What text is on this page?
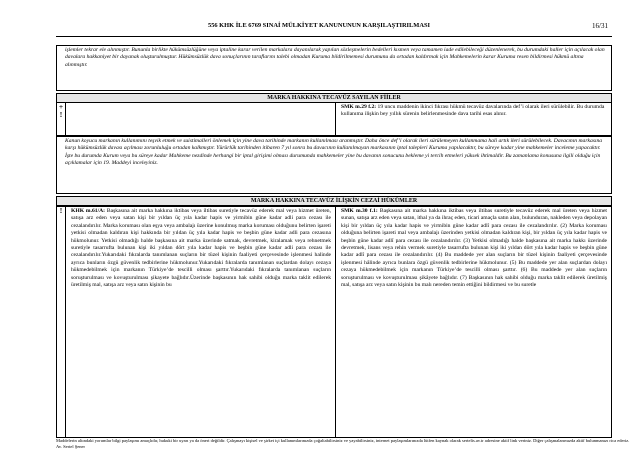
556 KHK İLE 6769 SINAİ MÜLKİYET KANUNUNUN KARŞILAŞTIRILMASI	16/31
işlemler tekrar ele alınmıştır. Bununla birlikte hükümsüzlüğüne veya iptaline karar verilen markalara dayanılarak yapılan sözleşmelerin bedelleri kısmen veya tamamen iade edilebileceği düzenlenerek, bu durumdaki haller için açılacak olan davalara hakkaniyet bir dayanak oluşturulmuştur. Hükümsüzlük dava sonuçlarının taraflarını talebi olmadan Kuruma bildirilmemesi durumunu da ortadan kaldırmak için Mahkemelerin karar Kuruma resen bildirmesi hükmü altına alınmıştır.
MARKA HAKKINA TECAVÜZ SAYILAN FİİLER
+
!

SMK m.29 f.2: 19 uncu maddenin ikinci fıkrası hükmü tecavüz davalarında def’i olarak ileri sürülebilir. Bu durumda kullanıma ilişkin bey yıllık sürenin belirlenmesinde dava tarihi esas alınır.

Kanun koyucu markanın kullanımını teşvik etmek ve suistimalleri önlemek için yine dava tarihinde markanın kullanılması aranmıştır. Daha önce def’i olarak ileri sürülemeyen kullanmama hali artık ileri sürülebilecek. Davacının markasına karşı hükümsüzlük davası açılması zorunluluğu ortadan kalkmıştır. Yürürlük tarihinden itibaren 7 yıl sonra bu davacının kullanılmayan markasının iptal talepleri Kuruma yapılacaktır, bu süreye kadar yine mahkemeler inceleme yapacaktır. İşte bu durumda Kurum veya bu süreye kadar Mahkeme nezdinde herhangi bir iptal girişimi olması durumunda mahkemeler yine bu davanın sonucunu bekleme yi tercih etmeleri yüksek ihtimaldir. Bu zamanlama konusuna ilgili olduğu için açıklamalar için 19. Maddeyi inceleyiniz.
MARKA HAKKINA TECAVÜZ İLİŞKİN CEZAİ HÜKÜMLER
!	KHK m.61/A: Başkasına ait marka hakkına iktibas veya iltibas suretiyle tecavüz ederek mal veya hizmet üreten, satışa arz eden veya satan kişi bir yıldan üç yıla kadar hapis ve yirmibin güne kadar adli para cezası ile cezalandırılır. Marka koruması olan eşya veya ambalajı üzerine konulmuş marka koruması olduğunu belirten işareti yetkisi olmadan kaldıran kişi hakkında bir yıldan üç yıla kadar hapis ve beşbin güne kadar adli para cezasına hükmolunur. Yetkisi olmadığı halde başkasına ait marka üzerinde satmak, devretmek, kiralamak veya rehnetmek suretiyle tasarrufta bulunan kişi iki yıldan dört yıla kadar hapis ve beşbin güne kadar adli para cezası ile cezalandırılır.Yukarıdaki fıkralarda tanımlanan suçların bir tüzel kişinin faaliyeti çerçevesinde işlenmesi halinde ayrıca bunların özgü güvenlik tedbirlerine hükmolunur.Yukarıdaki fıkralarda tanımlanan suçlardan dolayı cezaya hükmedebilmek için markanın Türkiye’de tescilli olması şarttır.Yukarıdaki fıkralarda tanımlanan suçların soruşturulması ve kovuşturulması şikayete bağlıdır.Üzerinde başkasının hak sahibi olduğu marka taklit edilerek üretilmiş mal, satışa arz veya satın kişinin bu

SMK m.30 f.1: Başkasına ait marka hakkına iktibas veya iltibas suretiyle tecavüz ederek mal üreten veya hizmet sunan, satışa arz eden veya satan, ithal ya da ihraç eden, ticari amaçla satın alan, bulunduran, nakleden veya depolayan kişi bir yıldan üç yıla kadar hapis ve yirmibin güne kadar adlî para cezası ile cezalandırılır. (2) Marka koruması olduğuna belirten işareti mal veya ambalajı üzerinden yetkisi olmadan kaldıran kişi, bir yıldan üç yıla kadar hapis ve beşbin güne kadar adlî para cezası ile cezalandırılır. (3) Yetkisi olmadığı halde başkasına ait marka hakkı üzerinde devretmek, lisans veya rehin vermek suretiyle tasarrufta bulunan kişi iki yıldan dört yıla kadar hapis ve beşbin güne kadar adlî para cezası ile cezalandırılır. (4) Bu maddede yer alan suçların bir tüzel kişinin faaliyeti çerçevesinde işlenmesi hâlinde ayrıca bunlara özgü güvenlik tedbirlerine hükmolunur. (5) Bu maddede yer alan suçlardan dolayı cezaya hükmedebilmek için markanın Türkiye’de tescilli olması şarttır. (6) Bu maddede yer alan suçların soruşturulması ve kovuşturulması şikâyete bağlıdır. (7) Başkasının hak sahibi olduğu marka taklit edilerek üretilmiş mal, satışa arz veya satın kişinin bu malı nereden temin ettiğini bildirmesi ve bu suretle

Maddelerin altındaki yorumlar bilgi paylaşımı amaçlıdır, hukuki bir uyarı ya da öneri değildir. Çalışmayı kişisel ve şirket içi kullanımlarınızda çoğaltabilirsiniz ve yayabilirsiniz, internet paylaşımlarınızda lütfen kaynak olarak sertelis.av.tr adresine aktif link veriniz. Diğer çalışmalarımızda aktif bulunmanızı rica ederiz. Av. Sertel Şener
